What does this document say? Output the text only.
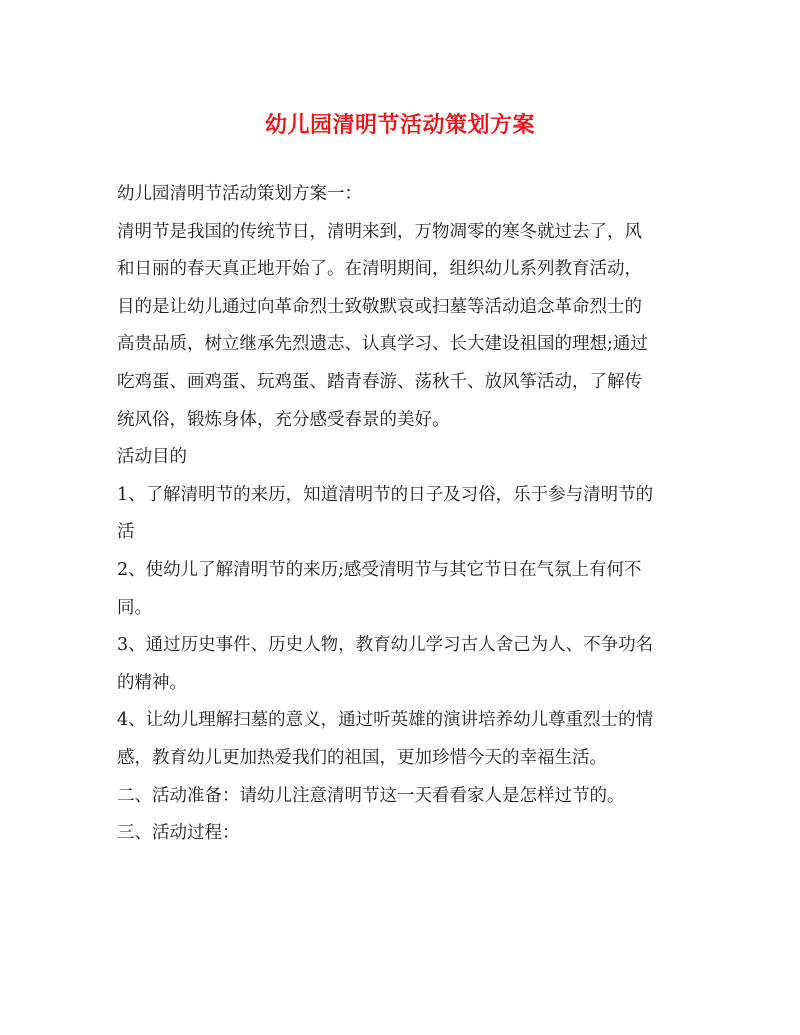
幼儿园清明节活动策划方案
幼儿园清明节活动策划方案一：
清明节是我国的传统节日，清明来到，万物凋零的寒冬就过去了，风
和日丽的春天真正地开始了。在清明期间，组织幼儿系列教育活动，
目的是让幼儿通过向革命烈士致敬默哀或扫墓等活动追念革命烈士的
高贵品质，树立继承先烈遗志、认真学习、长大建设祖国的理想;通过
吃鸡蛋、画鸡蛋、玩鸡蛋、踏青春游、荡秋千、放风筝活动，了解传
统风俗，锻炼身体，充分感受春景的美好。
活动目的
1、了解清明节的来历，知道清明节的日子及习俗，乐于参与清明节的
活
2、使幼儿了解清明节的来历;感受清明节与其它节日在气氛上有何不
同。
3、通过历史事件、历史人物，教育幼儿学习古人舍己为人、不争功名
的精神。
4、让幼儿理解扫墓的意义，通过听英雄的演讲培养幼儿尊重烈士的情
感，教育幼儿更加热爱我们的祖国，更加珍惜今天的幸福生活。
二、活动准备：请幼儿注意清明节这一天看看家人是怎样过节的。
三、活动过程：
